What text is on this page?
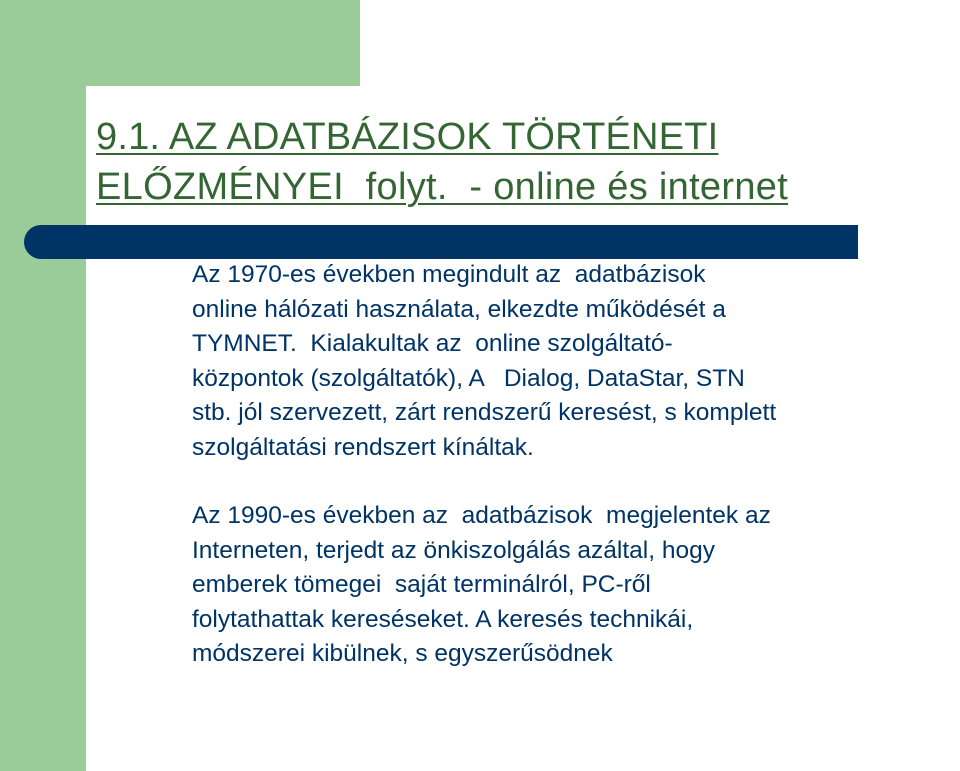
9.1. AZ ADATBÁZISOK TÖRTÉNETI
ELŐZMÉNYEI  folyt.  - online és internet

Az 1970-es években megindult az  adatbázisok
online hálózati használata, elkezdte működését a
TYMNET.  Kialakultak az  online szolgáltató-
központok (szolgáltatók), A   Dialog, DataStar, STN
stb. jól szervezett, zárt rendszerű keresést, s komplett
szolgáltatási rendszert kínáltak.

Az 1990-es években az  adatbázisok  megjelentek az
Interneten, terjedt az önkiszolgálás azáltal, hogy
emberek tömegei  saját terminálról, PC-ről
folytathattak kereséseket. A keresés technikái,
módszerei kibülnek, s egyszerűsödnek
